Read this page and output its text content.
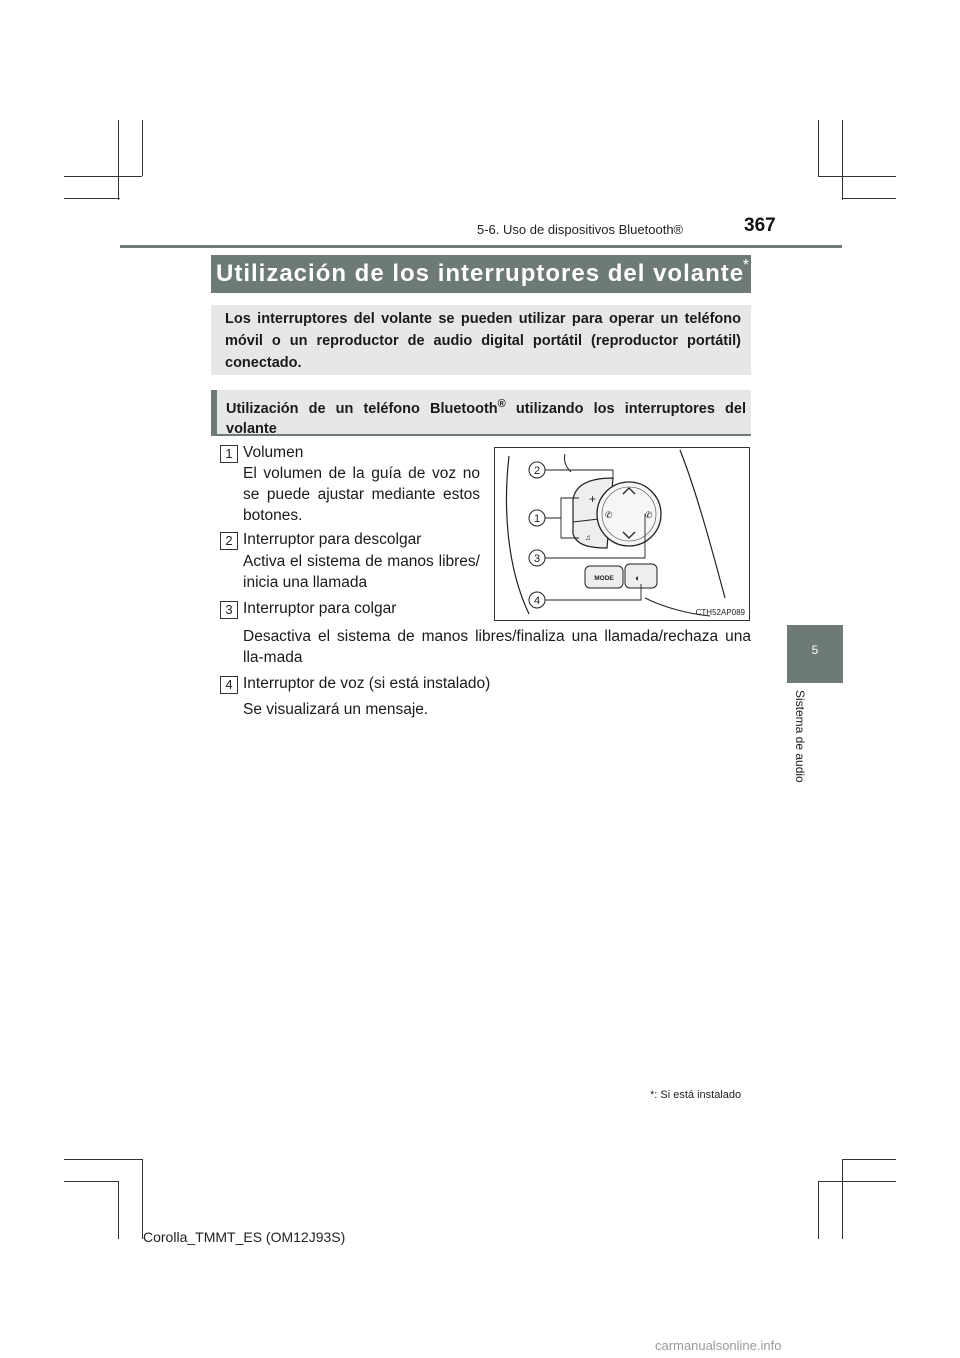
5-6. Uso de dispositivos Bluetooth®	367
5
Sistema de audio
Utilización de los interruptores del volante
*
Los interruptores del volante se pueden utilizar para operar un teléfono móvil o un reproductor de audio digital portátil (reproductor portátil) conectado.
Utilización de un teléfono Bluetooth® utilizando los interruptores del volante
1 Volumen
El volumen de la guía de voz no se puede ajustar mediante estos botones.
2 Interruptor para descolgar
Activa el sistema de manos libres/ inicia una llamada
3 Interruptor para colgar
Desactiva el sistema de manos libres/finaliza una llamada/rechaza una lla-mada
4 Interruptor de voz (si está instalado)
Se visualizará un mensaje.
+
♫
✆	✆
MODE ◐
2
1
3
4
CTH52AP089
*: Si está instalado
Corolla_TMMT_ES (OM12J93S)
carmanualsonline.info
